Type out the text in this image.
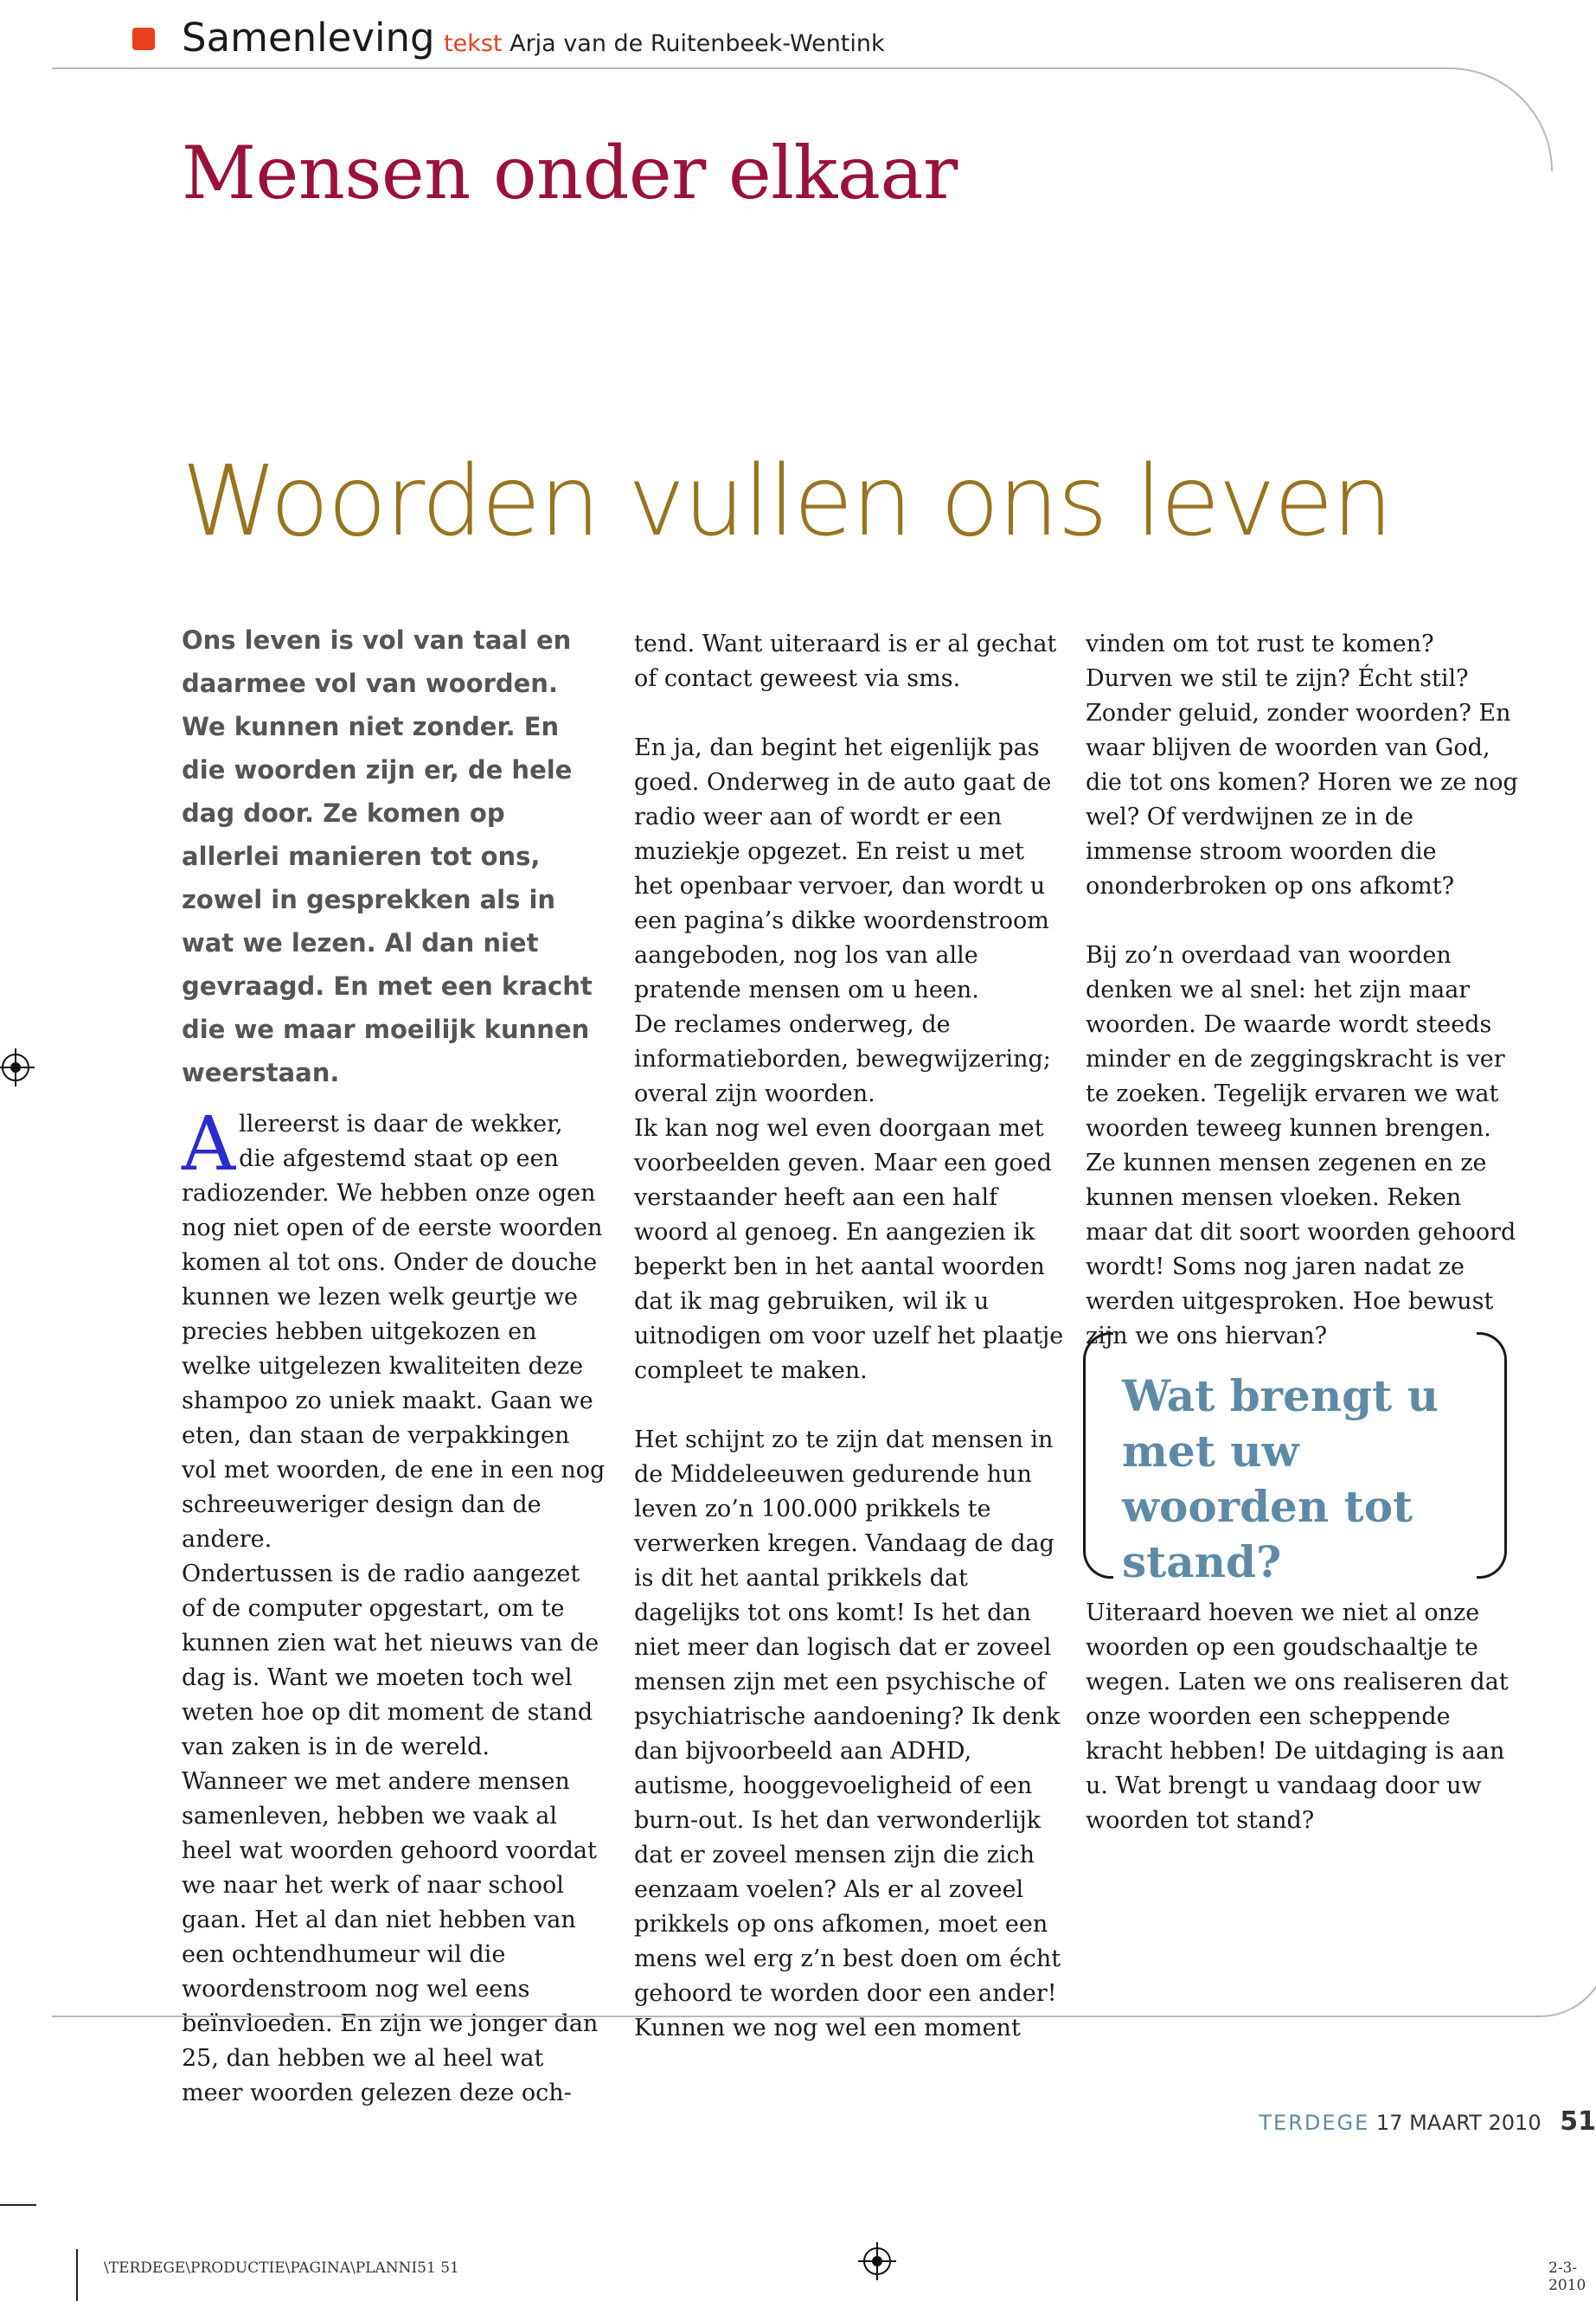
Samenleving tekst Arja van de Ruitenbeek-Wentink
Mensen onder elkaar
Woorden vullen ons leven
Ons leven is vol van taal en daarmee vol van woorden. We kunnen niet zonder. En die woorden zijn er, de hele dag door. Ze komen op allerlei manieren tot ons, zowel in gesprekken als in wat we lezen. Al dan niet gevraagd. En met een kracht die we maar moeilijk kunnen weerstaan.

Allereerst is daar de wekker, die afgestemd staat op een radiozender. We hebben onze ogen nog niet open of de eerste woorden komen al tot ons. Onder de douche kunnen we lezen welk geurtje we precies hebben uitgekozen en welke uitgelezen kwaliteiten deze shampoo zo uniek maakt. Gaan we eten, dan staan de verpakkingen vol met woorden, de ene in een nog schreeuweriger design dan de andere.

Ondertussen is de radio aangezet of de computer opgestart, om te kunnen zien wat het nieuws van de dag is. Want we moeten toch wel weten hoe op dit moment de stand van zaken is in de wereld.

Wanneer we met andere mensen samenleven, hebben we vaak al heel wat woorden gehoord voordat we naar het werk of naar school gaan. Het al dan niet hebben van een ochtendhumeur wil die woordenstroom nog wel eens beïnvloeden. En zijn we jonger dan 25, dan hebben we al heel wat meer woorden gelezen deze och-

tend. Want uiteraard is er al gechat of contact geweest via sms.

En ja, dan begint het eigenlijk pas goed. Onderweg in de auto gaat de radio weer aan of wordt er een muziekje opgezet. En reist u met het openbaar vervoer, dan wordt u een pagina’s dikke woordenstroom aangeboden, nog los van alle pratende mensen om u heen.

De reclames onderweg, de informatieborden, bewegwijzering; overal zijn woorden.

Ik kan nog wel even doorgaan met voorbeelden geven. Maar een goed verstaander heeft aan een half woord al genoeg. En aangezien ik beperkt ben in het aantal woorden dat ik mag gebruiken, wil ik u uitnodigen om voor uzelf het plaatje compleet te maken.

Het schijnt zo te zijn dat mensen in de Middeleeuwen gedurende hun leven zo’n 100.000 prikkels te verwerken kregen. Vandaag de dag is dit het aantal prikkels dat dagelijks tot ons komt! Is het dan niet meer dan logisch dat er zoveel mensen zijn met een psychische of psychiatrische aandoening? Ik denk dan bijvoorbeeld aan ADHD, autisme, hooggevoeligheid of een burn-out. Is het dan verwonderlijk dat er zoveel mensen zijn die zich eenzaam voelen? Als er al zoveel prikkels op ons afkomen, moet een mens wel erg z’n best doen om écht gehoord te worden door een ander!

Kunnen we nog wel een moment

vinden om tot rust te komen? Durven we stil te zijn? Écht stil? Zonder geluid, zonder woorden? En waar blijven de woorden van God, die tot ons komen? Horen we ze nog wel? Of verdwijnen ze in de immense stroom woorden die ononderbroken op ons afkomt?

Bij zo’n overdaad van woorden denken we al snel: het zijn maar woorden. De waarde wordt steeds minder en de zeggingskracht is ver te zoeken. Tegelijk ervaren we wat woorden teweeg kunnen brengen. Ze kunnen mensen zegenen en ze kunnen mensen vloeken. Reken maar dat dit soort woorden gehoord wordt! Soms nog jaren nadat ze werden uitgesproken. Hoe bewust zijn we ons hiervan?

Wat brengt u met uw woorden tot stand?

Uiteraard hoeven we niet al onze woorden op een goudschaaltje te wegen. Laten we ons realiseren dat onze woorden een scheppende kracht hebben! De uitdaging is aan u. Wat brengt u vandaag door uw woorden tot stand?

TERDEGE 17 MAART 2010 51
\TERDEGE\PRODUCTIE\PAGINA\PLANNI51 51	2-3-2010
